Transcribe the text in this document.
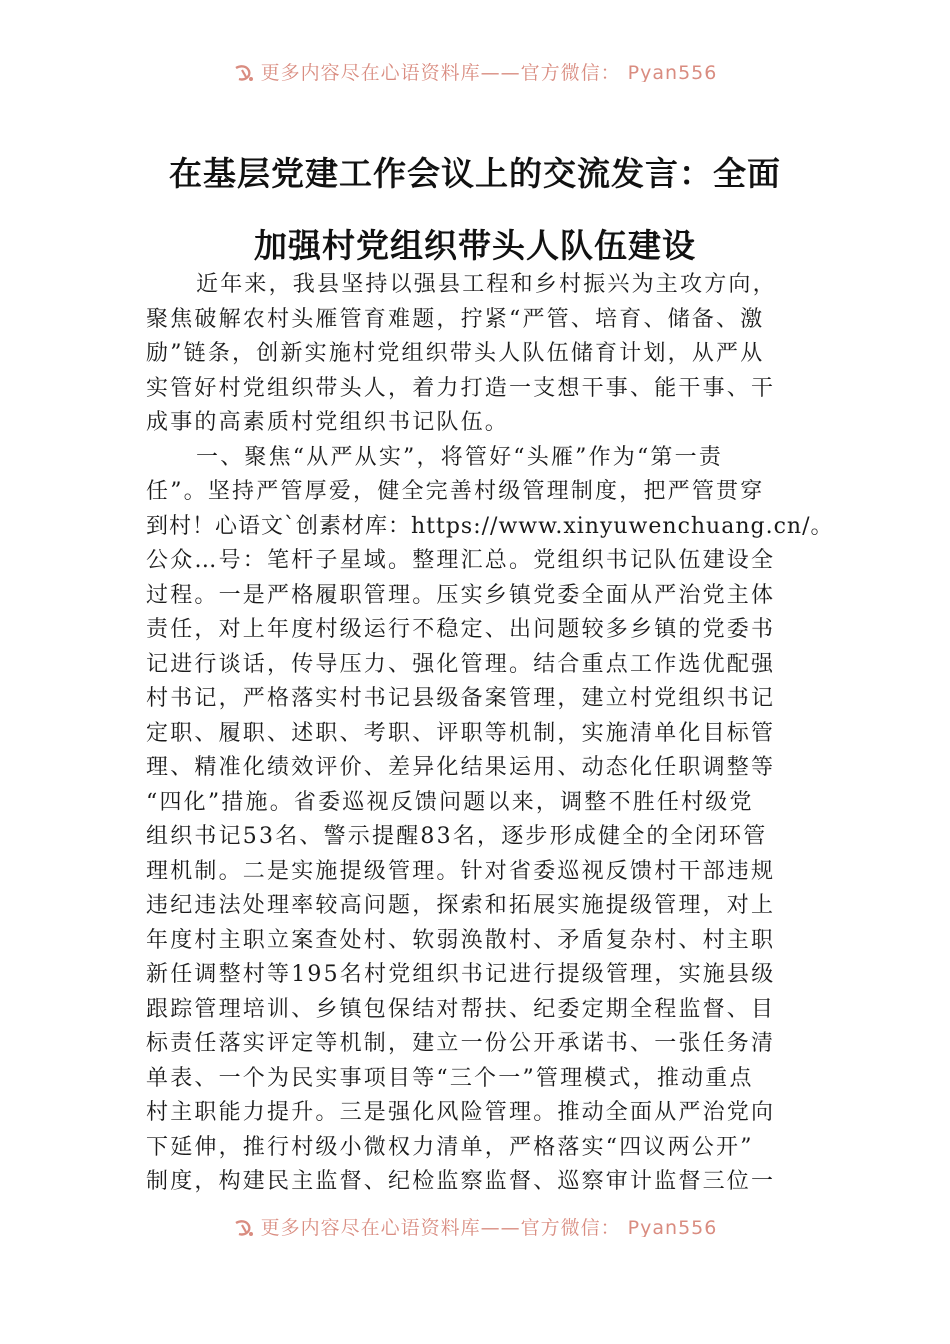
更多内容尽在心语资料库——官方微信： Pyan556
在基层党建工作会议上的交流发言：全面
加强村党组织带头人队伍建设
近年来，我县坚持以强县工程和乡村振兴为主攻方向，
聚焦破解农村头雁管育难题，拧紧“严管、培育、储备、激
励”链条，创新实施村党组织带头人队伍储育计划，从严从
实管好村党组织带头人，着力打造一支想干事、能干事、干
成事的高素质村党组织书记队伍。
一、聚焦“从严从实”，将管好“头雁”作为“第一责
任”。坚持严管厚爱，健全完善村级管理制度，把严管贯穿
到村！心语文`创素材库：https://www.xinyuwenchuang.cn/。
公众…号：笔杆子星域。整理汇总。党组织书记队伍建设全
过程。一是严格履职管理。压实乡镇党委全面从严治党主体
责任，对上年度村级运行不稳定、出问题较多乡镇的党委书
记进行谈话，传导压力、强化管理。结合重点工作选优配强
村书记，严格落实村书记县级备案管理，建立村党组织书记
定职、履职、述职、考职、评职等机制，实施清单化目标管
理、精准化绩效评价、差异化结果运用、动态化任职调整等
“四化”措施。省委巡视反馈问题以来，调整不胜任村级党
组织书记53名、警示提醒83名，逐步形成健全的全闭环管
理机制。二是实施提级管理。针对省委巡视反馈村干部违规
违纪违法处理率较高问题，探索和拓展实施提级管理，对上
年度村主职立案查处村、软弱涣散村、矛盾复杂村、村主职
新任调整村等195名村党组织书记进行提级管理，实施县级
跟踪管理培训、乡镇包保结对帮扶、纪委定期全程监督、目
标责任落实评定等机制，建立一份公开承诺书、一张任务清
单表、一个为民实事项目等“三个一”管理模式，推动重点
村主职能力提升。三是强化风险管理。推动全面从严治党向
下延伸，推行村级小微权力清单，严格落实“四议两公开”
制度，构建民主监督、纪检监察监督、巡察审计监督三位一
更多内容尽在心语资料库——官方微信： Pyan556
